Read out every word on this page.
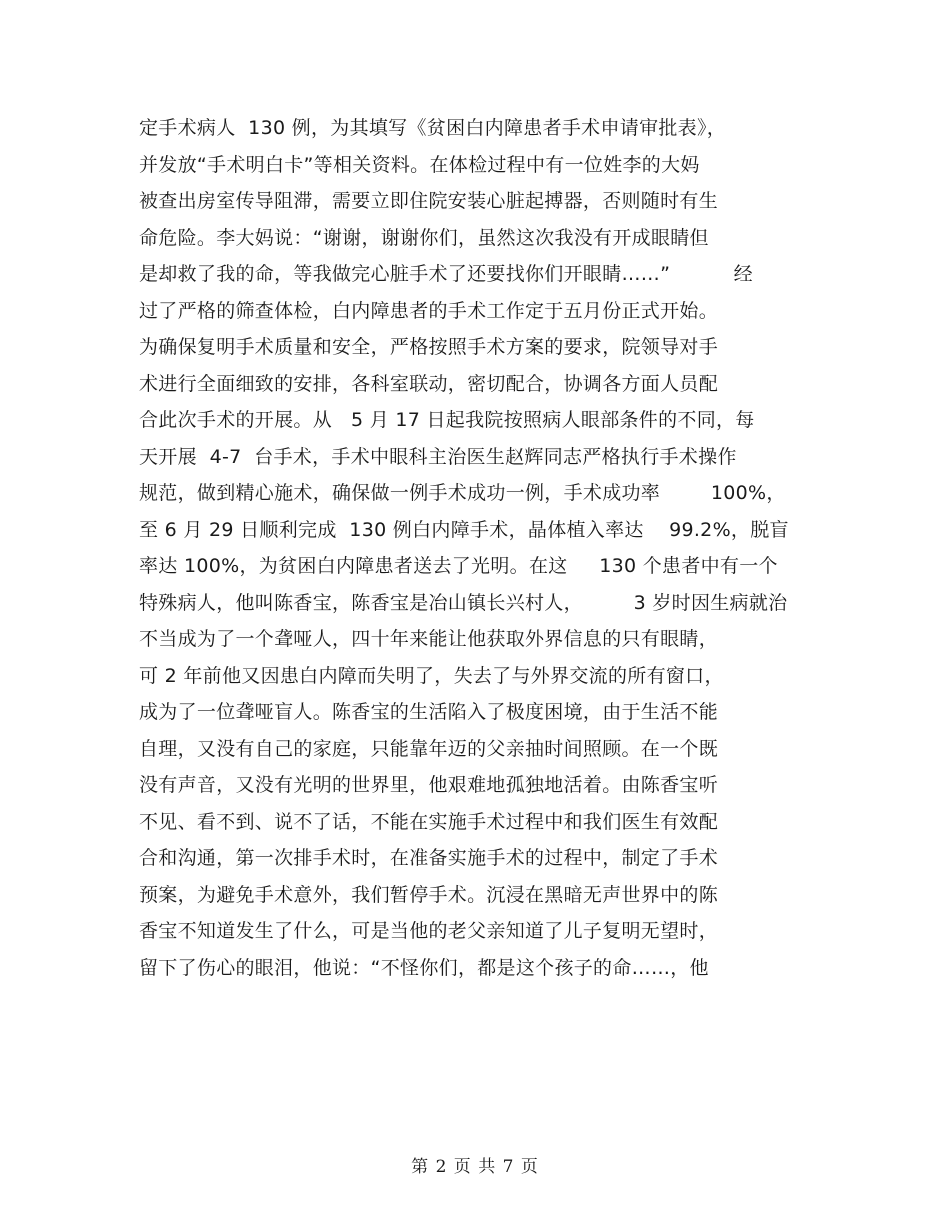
定手术病人  130 例，为其填写《贫困白内障患者手术申请审批表》，
并发放“手术明白卡”等相关资料。在体检过程中有一位姓李的大妈
被查出房室传导阻滞，需要立即住院安装心脏起搏器，否则随时有生
命危险。李大妈说：“谢谢，谢谢你们，虽然这次我没有开成眼睛但
是却救了我的命，等我做完心脏手术了还要找你们开眼睛……”          经
过了严格的筛查体检，白内障患者的手术工作定于五月份正式开始。
为确保复明手术质量和安全，严格按照手术方案的要求，院领导对手
术进行全面细致的安排，各科室联动，密切配合，协调各方面人员配
合此次手术的开展。从   5 月 17 日起我院按照病人眼部条件的不同，每
天开展  4-7  台手术，手术中眼科主治医生赵辉同志严格执行手术操作
规范，做到精心施术，确保做一例手术成功一例，手术成功率        100%，
至 6 月 29 日顺利完成  130 例白内障手术，晶体植入率达    99.2%，脱盲
率达 100%，为贫困白内障患者送去了光明。在这     130 个患者中有一个
特殊病人，他叫陈香宝，陈香宝是冶山镇长兴村人，        3 岁时因生病就治
不当成为了一个聋哑人，四十年来能让他获取外界信息的只有眼睛，
可 2 年前他又因患白内障而失明了，失去了与外界交流的所有窗口，
成为了一位聋哑盲人。陈香宝的生活陷入了极度困境，由于生活不能
自理，又没有自己的家庭，只能靠年迈的父亲抽时间照顾。在一个既
没有声音，又没有光明的世界里，他艰难地孤独地活着。由陈香宝听
不见、看不到、说不了话，不能在实施手术过程中和我们医生有效配
合和沟通，第一次排手术时，在准备实施手术的过程中，制定了手术
预案，为避免手术意外，我们暂停手术。沉浸在黑暗无声世界中的陈
香宝不知道发生了什么，可是当他的老父亲知道了儿子复明无望时，
留下了伤心的眼泪，他说：“不怪你们，都是这个孩子的命……，他
第 2 页 共 7 页
